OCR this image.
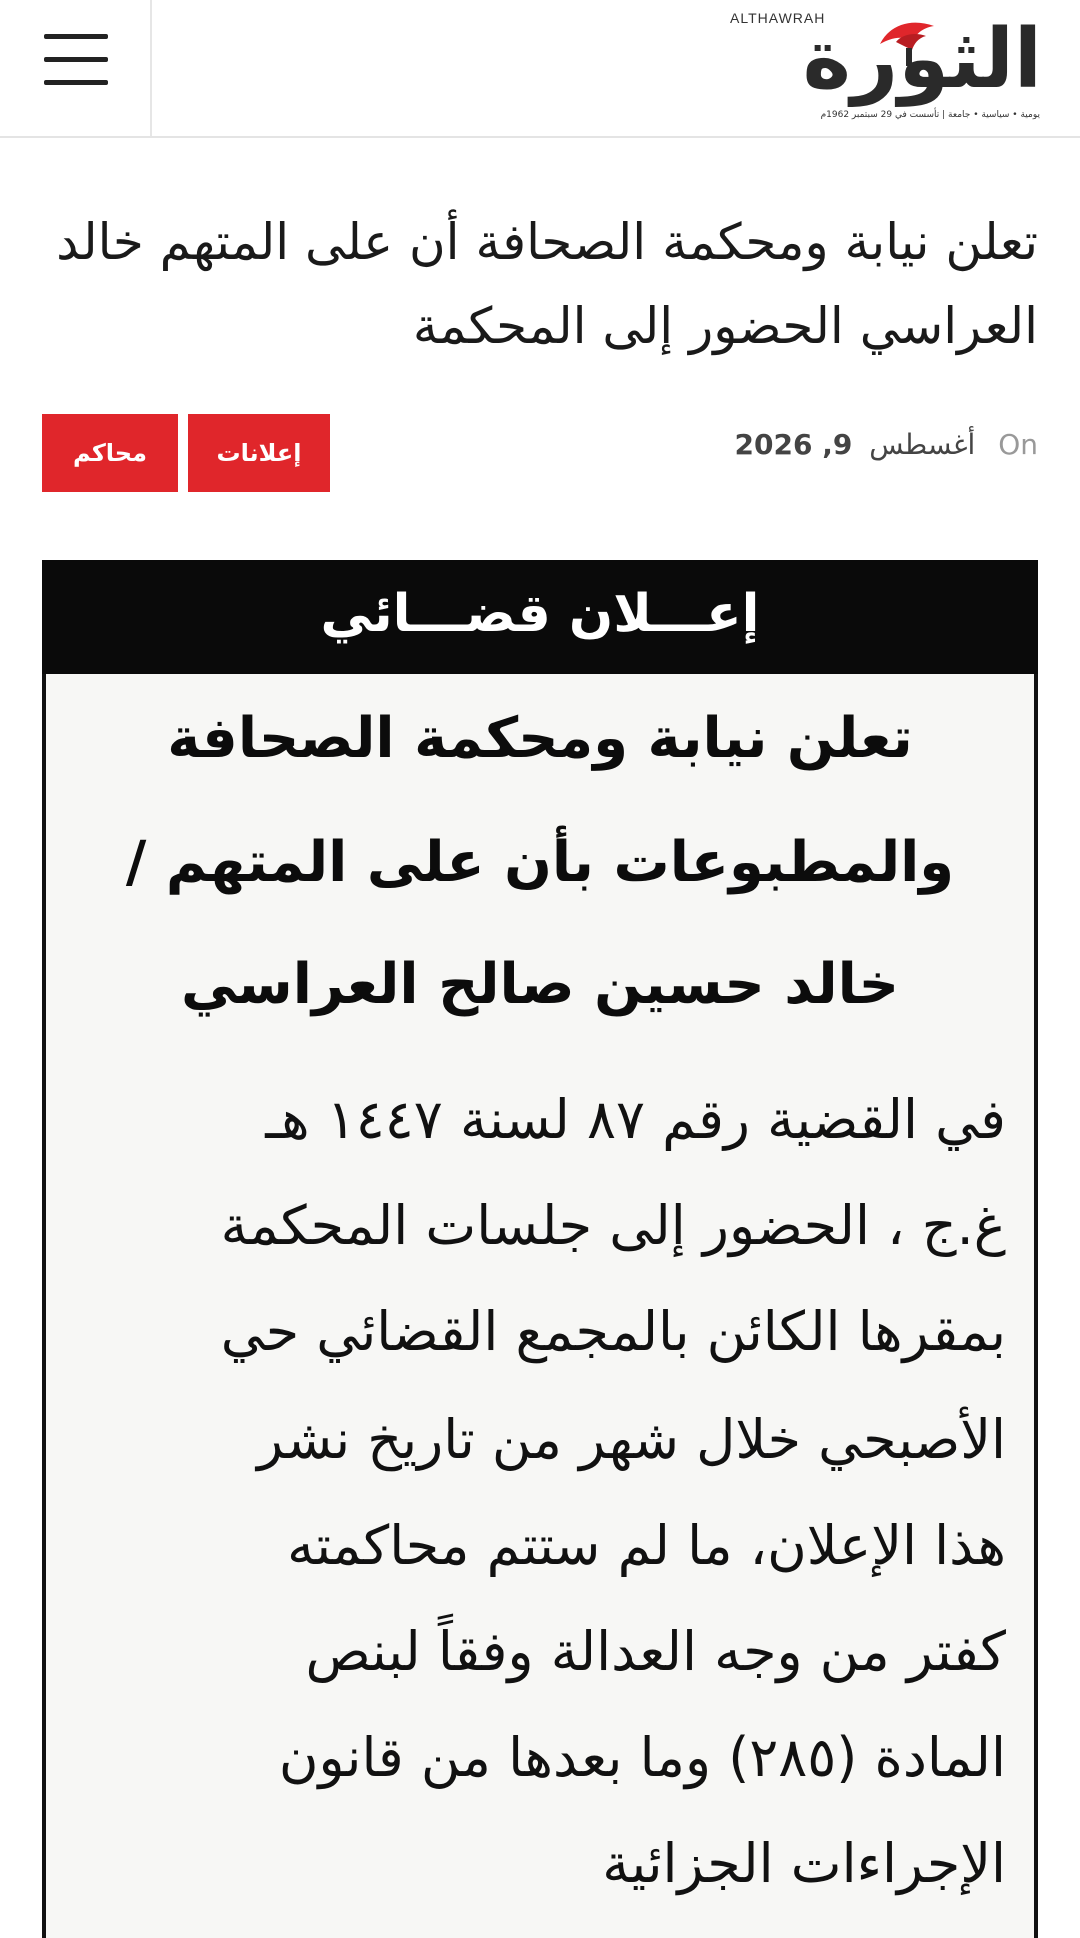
ALTHAWRAH
الثورة
يومية • سياسية • جامعة | تأسست في 29 سبتمبر 1962م
تعلن نيابة ومحكمة الصحافة أن على المتهم خالد العراسي الحضور إلى المحكمة
إعلانات
محاكم	2026 ,9 أغسطس On
إعـــلان قضـــائي
تعلن نيابة ومحكمة الصحافة
والمطبوعات بأن على المتهم /
خالد حسين صالح العراسي
في القضية رقم ٨٧ لسنة ١٤٤٧ هـ
غ.ج ، الحضور إلى جلسات المحكمة
بمقرها الكائن بالمجمع القضائي حي
الأصبحي خلال شهر من تاريخ نشر
هذا الإعلان، ما لم ستتم محاكمته
كفتر من وجه العدالة وفقاً لبنص
المادة (٢٨٥) وما بعدها من قانون
الإجراءات الجزائية
